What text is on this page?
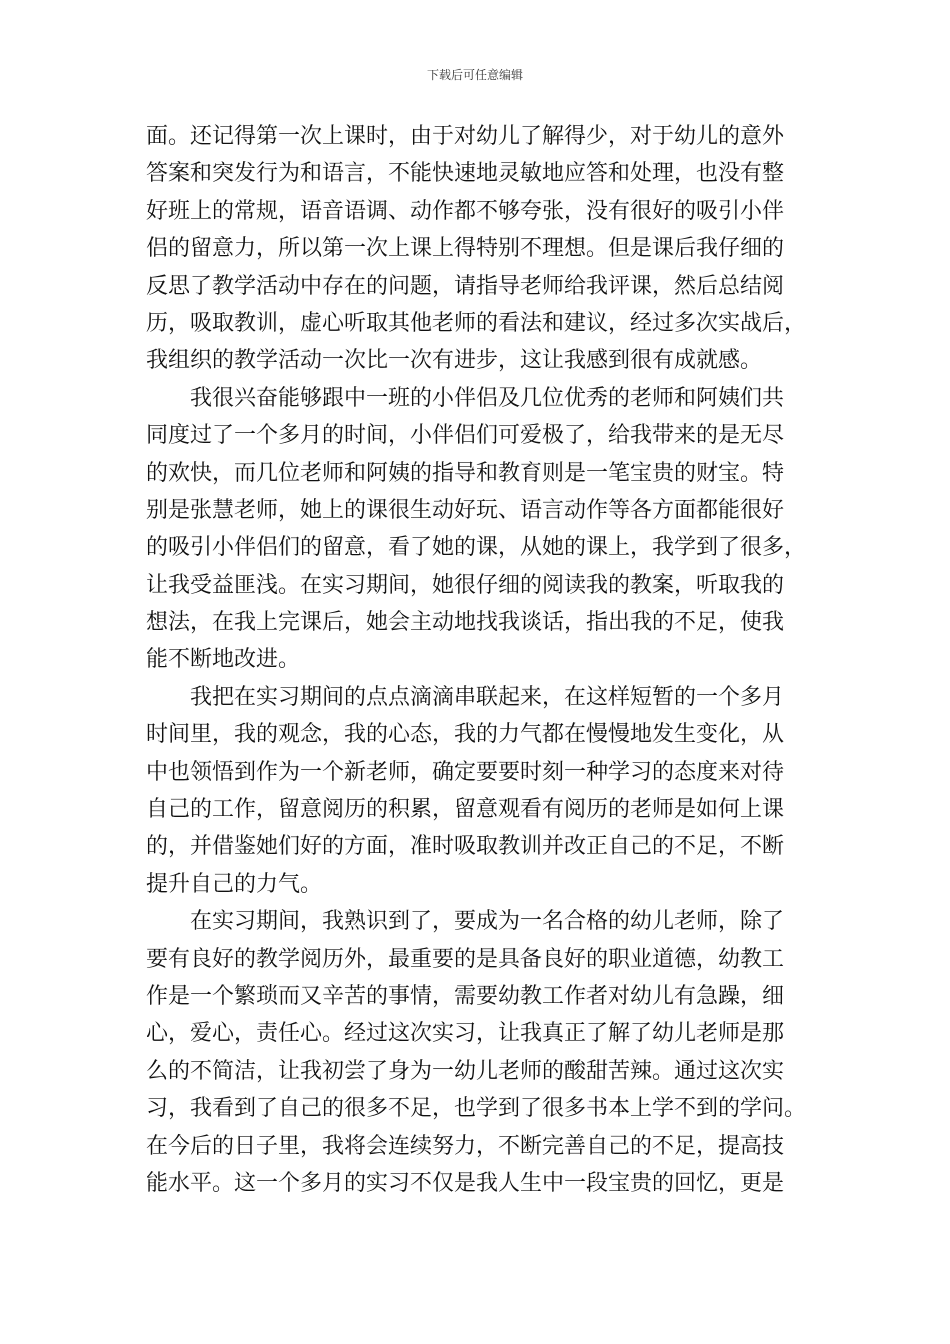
下载后可任意编辑
面。还记得第一次上课时，由于对幼儿了解得少，对于幼儿的意外
答案和突发行为和语言，不能快速地灵敏地应答和处理，也没有整
好班上的常规，语音语调、动作都不够夸张，没有很好的吸引小伴
侣的留意力，所以第一次上课上得特别不理想。但是课后我仔细的
反思了教学活动中存在的问题，请指导老师给我评课，然后总结阅
历，吸取教训，虚心听取其他老师的看法和建议，经过多次实战后，
我组织的教学活动一次比一次有进步，这让我感到很有成就感。
我很兴奋能够跟中一班的小伴侣及几位优秀的老师和阿姨们共
同度过了一个多月的时间，小伴侣们可爱极了，给我带来的是无尽
的欢快，而几位老师和阿姨的指导和教育则是一笔宝贵的财宝。特
别是张慧老师，她上的课很生动好玩、语言动作等各方面都能很好
的吸引小伴侣们的留意，看了她的课，从她的课上，我学到了很多，
让我受益匪浅。在实习期间，她很仔细的阅读我的教案，听取我的
想法，在我上完课后，她会主动地找我谈话，指出我的不足，使我
能不断地改进。
我把在实习期间的点点滴滴串联起来，在这样短暂的一个多月
时间里，我的观念，我的心态，我的力气都在慢慢地发生变化，从
中也领悟到作为一个新老师，确定要要时刻一种学习的态度来对待
自己的工作，留意阅历的积累，留意观看有阅历的老师是如何上课
的，并借鉴她们好的方面，准时吸取教训并改正自己的不足，不断
提升自己的力气。
在实习期间，我熟识到了，要成为一名合格的幼儿老师，除了
要有良好的教学阅历外，最重要的是具备良好的职业道德，幼教工
作是一个繁琐而又辛苦的事情，需要幼教工作者对幼儿有急躁，细
心，爱心，责任心。经过这次实习，让我真正了解了幼儿老师是那
么的不简洁，让我初尝了身为一幼儿老师的酸甜苦辣。通过这次实
习，我看到了自己的很多不足，也学到了很多书本上学不到的学问。
在今后的日子里，我将会连续努力，不断完善自己的不足，提高技
能水平。这一个多月的实习不仅是我人生中一段宝贵的回忆，更是
